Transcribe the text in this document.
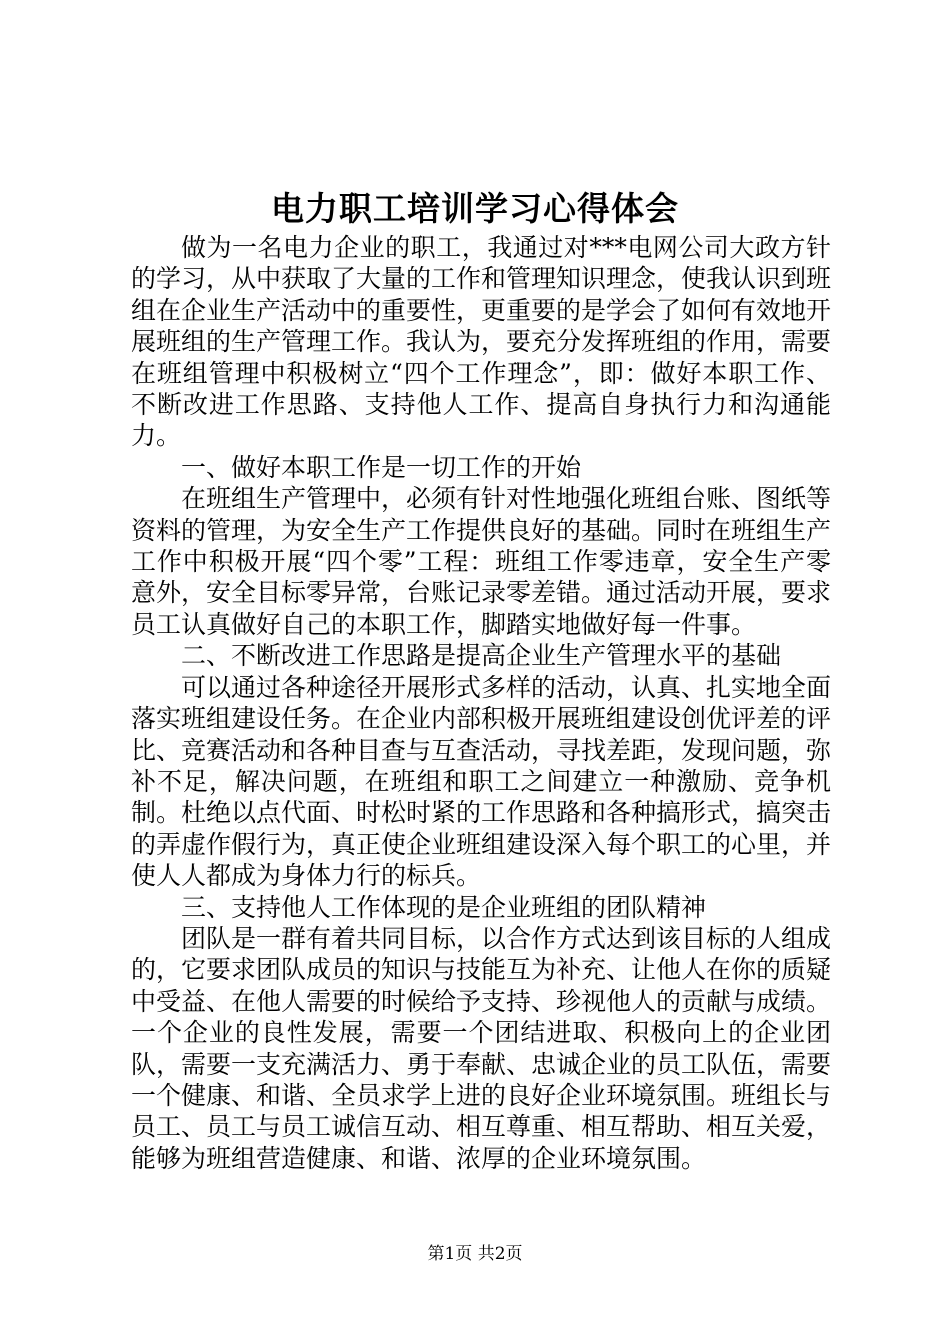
电力职工培训学习心得体会

做为一名电力企业的职工，我通过对***电网公司大政方针的学习，从中获取了大量的工作和管理知识理念，使我认识到班组在企业生产活动中的重要性，更重要的是学会了如何有效地开展班组的生产管理工作。我认为，要充分发挥班组的作用，需要在班组管理中积极树立“四个工作理念”，即：做好本职工作、不断改进工作思路、支持他人工作、提高自身执行力和沟通能力。

一、做好本职工作是一切工作的开始

在班组生产管理中，必须有针对性地强化班组台账、图纸等资料的管理，为安全生产工作提供良好的基础。同时在班组生产工作中积极开展“四个零”工程：班组工作零违章，安全生产零意外，安全目标零异常，台账记录零差错。通过活动开展，要求员工认真做好自己的本职工作，脚踏实地做好每一件事。

二、不断改进工作思路是提高企业生产管理水平的基础

可以通过各种途径开展形式多样的活动，认真、扎实地全面落实班组建设任务。在企业内部积极开展班组建设创优评差的评比、竞赛活动和各种目查与互查活动，寻找差距，发现问题，弥补不足，解决问题，在班组和职工之间建立一种激励、竞争机制。杜绝以点代面、时松时紧的工作思路和各种搞形式，搞突击的弄虚作假行为，真正使企业班组建设深入每个职工的心里，并使人人都成为身体力行的标兵。

三、支持他人工作体现的是企业班组的团队精神

团队是一群有着共同目标，以合作方式达到该目标的人组成的，它要求团队成员的知识与技能互为补充、让他人在你的质疑中受益、在他人需要的时候给予支持、珍视他人的贡献与成绩。一个企业的良性发展，需要一个团结进取、积极向上的企业团队，需要一支充满活力、勇于奉献、忠诚企业的员工队伍，需要一个健康、和谐、全员求学上进的良好企业环境氛围。班组长与员工、员工与员工诚信互动、相互尊重、相互帮助、相互关爱，能够为班组营造健康、和谐、浓厚的企业环境氛围。

第1页 共2页
